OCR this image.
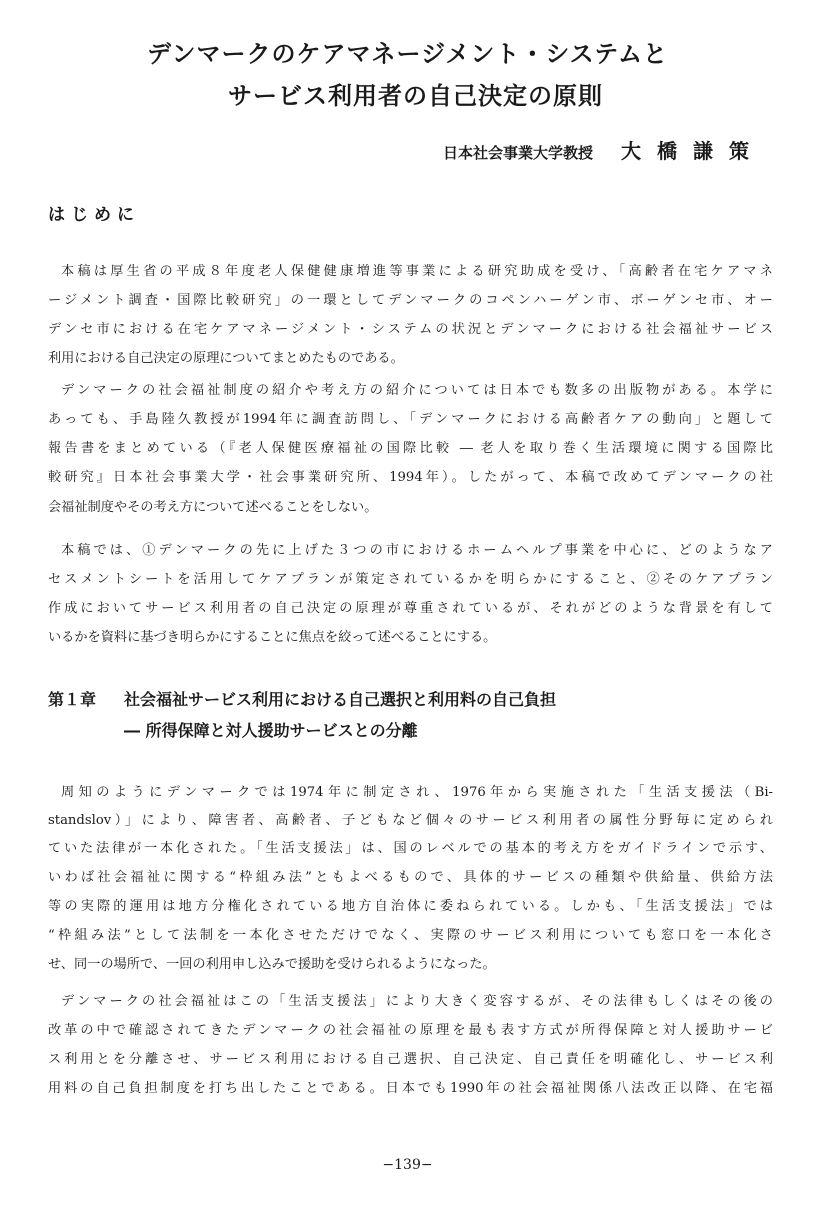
デンマークのケアマネージメント・システムと
サービス利用者の自己決定の原則
日本社会事業大学教授 大橋謙策
はじめに
本稿は厚生省の平成８年度老人保健健康増進等事業による研究助成を受け、「高齢者在宅ケアマネ
ージメント調査・国際比較研究」の一環としてデンマークのコペンハーゲン市、ボーゲンセ市、オー
デンセ市における在宅ケアマネージメント・システムの状況とデンマークにおける社会福祉サービス
利用における自己決定の原理についてまとめたものである。
デンマークの社会福祉制度の紹介や考え方の紹介については日本でも数多の出版物がある。本学に
あっても、手島陸久教授が1994年に調査訪問し、「デンマークにおける高齢者ケアの動向」と題して
報告書をまとめている（『老人保健医療福祉の国際比較 ― 老人を取り巻く生活環境に関する国際比
較研究』日本社会事業大学・社会事業研究所、1994年）。したがって、本稿で改めてデンマークの社
会福祉制度やその考え方について述べることをしない。
本稿では、①デンマークの先に上げた３つの市におけるホームヘルプ事業を中心に、どのようなア
セスメントシートを活用してケアプランが策定されているかを明らかにすること、②そのケアプラン
作成においてサービス利用者の自己決定の原理が尊重されているが、それがどのような背景を有して
いるかを資料に基づき明らかにすることに焦点を絞って述べることにする。
第１章 社会福祉サービス利用における自己選択と利用料の自己負担
― 所得保障と対人援助サービスとの分離
周知のようにデンマークでは1974年に制定され、1976年から実施された「生活支援法（Bi-
standslov）」により、障害者、高齢者、子どもなど個々のサービス利用者の属性分野毎に定められ
ていた法律が一本化された。「生活支援法」は、国のレベルでの基本的考え方をガイドラインで示す、
いわば社会福祉に関する“枠組み法”ともよべるもので、具体的サービスの種類や供給量、供給方法
等の実際的運用は地方分権化されている地方自治体に委ねられている。しかも、「生活支援法」では
“枠組み法”として法制を一本化させただけでなく、実際のサービス利用についても窓口を一本化さ
せ、同一の場所で、一回の利用申し込みで援助を受けられるようになった。
デンマークの社会福祉はこの「生活支援法」により大きく変容するが、その法律もしくはその後の
改革の中で確認されてきたデンマークの社会福祉の原理を最も表す方式が所得保障と対人援助サービ
ス利用とを分離させ、サービス利用における自己選択、自己決定、自己責任を明確化し、サービス利
用料の自己負担制度を打ち出したことである。日本でも1990年の社会福祉関係八法改正以降、在宅福
−139−
